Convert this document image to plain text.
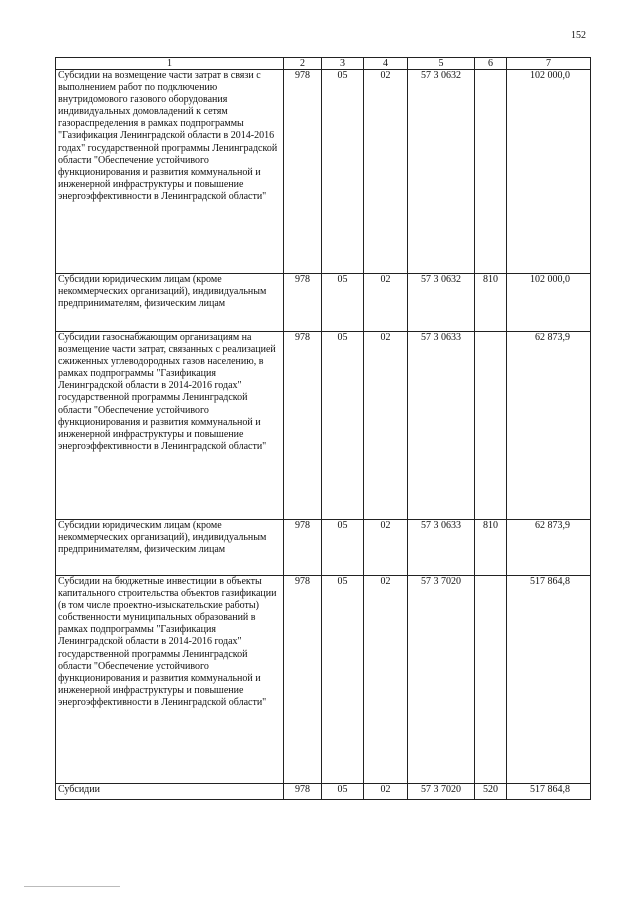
152
1	2	3	4	5	6	7
Субсидии на возмещение части затрат в связи с выполнением работ по подключению внутридомового газового оборудования индивидуальных домовладений к сетям газораспределения в рамках подпрограммы "Газификация Ленинградской области в 2014-2016 годах" государственной программы Ленинградской области "Обеспечение устойчивого функционирования и развития коммунальной и инженерной инфраструктуры и повышение энергоэффективности в Ленинградской области"	978	05	02	57 3 0632		102 000,0
Субсидии юридическим лицам (кроме некоммерческих организаций), индивидуальным предпринимателям, физическим лицам	978	05	02	57 3 0632	810	102 000,0
Субсидии газоснабжающим организациям на возмещение части затрат, связанных с реализацией сжиженных углеводородных газов населению, в рамках подпрограммы "Газификация Ленинградской области в 2014-2016 годах" государственной программы Ленинградской области "Обеспечение устойчивого функционирования и развития коммунальной и инженерной инфраструктуры и повышение энергоэффективности в Ленинградской области"	978	05	02	57 3 0633		62 873,9
Субсидии юридическим лицам (кроме некоммерческих организаций), индивидуальным предпринимателям, физическим лицам	978	05	02	57 3 0633	810	62 873,9
Субсидии на бюджетные инвестиции в объекты капитального строительства объектов газификации (в том числе проектно-изыскательские работы) собственности муниципальных образований в рамках подпрограммы "Газификация Ленинградской области в 2014-2016 годах" государственной программы Ленинградской области "Обеспечение устойчивого функционирования и развития коммунальной и инженерной инфраструктуры и повышение энергоэффективности в Ленинградской области"	978	05	02	57 3 7020		517 864,8
Субсидии	978	05	02	57 3 7020	520	517 864,8
